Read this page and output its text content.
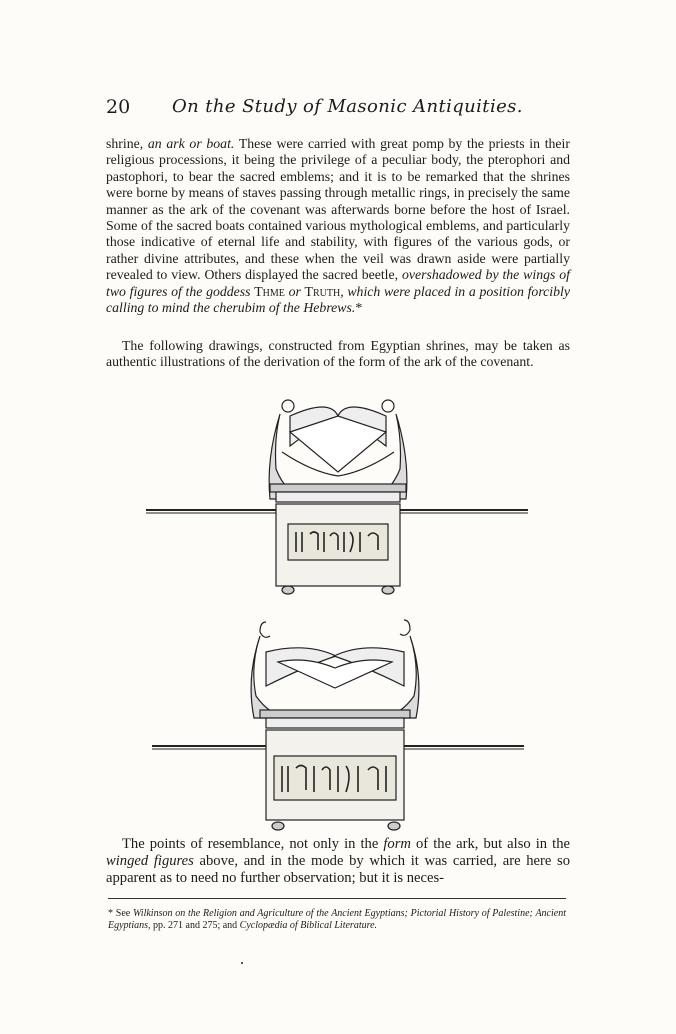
20 On the Study of Masonic Antiquities.

shrine, an ark or boat. These were carried with great pomp by the priests in their religious processions, it being the privilege of a peculiar body, the pterophori and pastophori, to bear the sacred emblems; and it is to be remarked that the shrines were borne by means of staves passing through metallic rings, in precisely the same manner as the ark of the covenant was afterwards borne before the host of Israel. Some of the sacred boats contained various mythological emblems, and particularly those indicative of eternal life and stability, with figures of the various gods, or rather divine attributes, and these when the veil was drawn aside were partially revealed to view. Others displayed the sacred beetle, overshadowed by the wings of two figures of the goddess Thme or Truth, which were placed in a position forcibly calling to mind the cherubim of the Hebrews.*

The following drawings, constructed from Egyptian shrines, may be taken as authentic illustrations of the derivation of the form of the ark of the covenant.

The points of resemblance, not only in the form of the ark, but also in the winged figures above, and in the mode by which it was carried, are here so apparent as to need no further observation; but it is neces-

* See Wilkinson on the Religion and Agriculture of the Ancient Egyptians; Pictorial History of Palestine; Ancient Egyptians, pp. 271 and 275; and Cyclopædia of Biblical Literature.
